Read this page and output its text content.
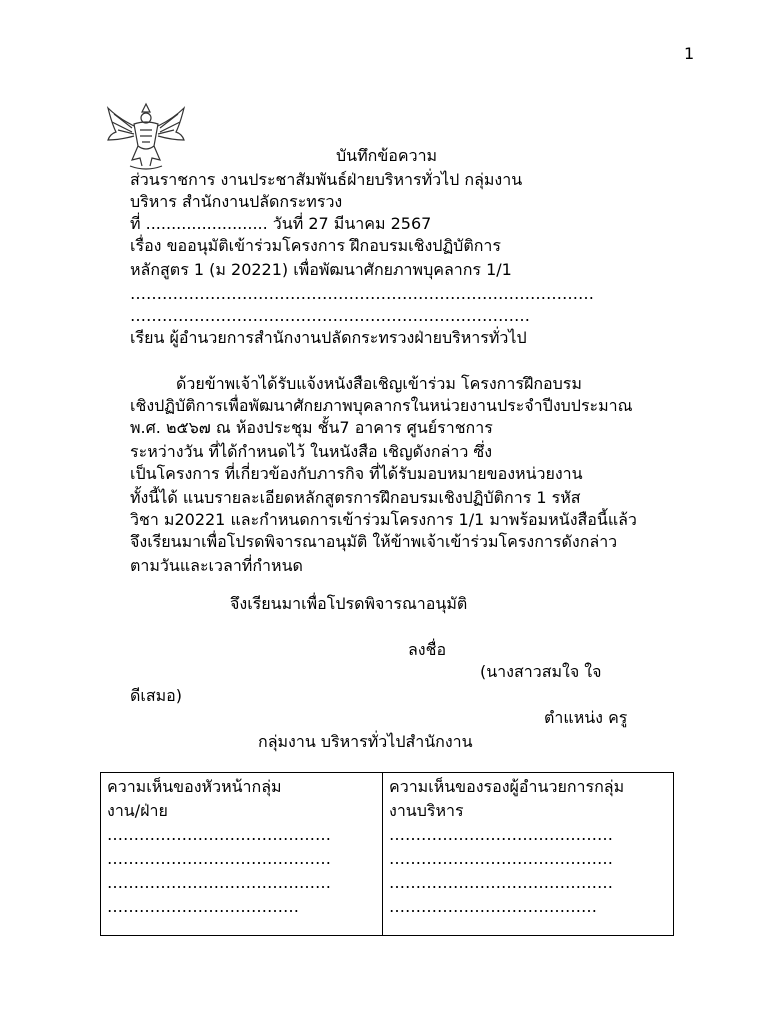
1
บันทึกข้อความ
ส่วนราชการ งานประชาสัมพันธ์ฝ่ายบริหารทั่วไป กลุ่มงาน
บริหาร สำนักงานปลัดกระทรวง
ที่ ........................ วันที่ 27 มีนาคม 2567
เรื่อง ขออนุมัติเข้าร่วมโครงการ ฝึกอบรมเชิงปฏิบัติการ
หลักสูตร 1 (ม 20221) เพื่อพัฒนาศักยภาพบุคลากร 1/1
……………………………………………………………………………
…………………………………………………………………
เรียน ผู้อำนวยการสำนักงานปลัดกระทรวงฝ่ายบริหารทั่วไป
ด้วยข้าพเจ้าได้รับแจ้งหนังสือเชิญเข้าร่วม โครงการฝึกอบรม
เชิงปฏิบัติการเพื่อพัฒนาศักยภาพบุคลากรในหน่วยงานประจำปีงบประมาณ
พ.ศ. ๒๕๖๗ ณ ห้องประชุม ชั้น7 อาคาร ศูนย์ราชการ
ระหว่างวัน ที่ได้กำหนดไว้ ในหนังสือ เชิญดังกล่าว ซึ่ง
เป็นโครงการ ที่เกี่ยวข้องกับภารกิจ ที่ได้รับมอบหมายของหน่วยงาน
ทั้งนี้ได้ แนบรายละเอียดหลักสูตรการฝึกอบรมเชิงปฏิบัติการ 1 รหัส
วิชา ม20221 และกำหนดการเข้าร่วมโครงการ 1/1 มาพร้อมหนังสือนี้แล้ว
จึงเรียนมาเพื่อโปรดพิจารณาอนุมัติ ให้ข้าพเจ้าเข้าร่วมโครงการดังกล่าว
ตามวันและเวลาที่กำหนด
จึงเรียนมาเพื่อโปรดพิจารณาอนุมัติ
ลงชื่อ
(นางสาวสมใจ ใจ
ดีเสมอ)
ตำแหน่ง ครู
กลุ่มงาน บริหารทั่วไปสำนักงาน
ความเห็นของหัวหน้ากลุ่ม
งาน/ฝ่าย
……………………………………
……………………………………
……………………………………
………………………………
ความเห็นของรองผู้อำนวยการกลุ่ม
งานบริหาร
……………………………………
……………………………………
……………………………………
…………………………………
